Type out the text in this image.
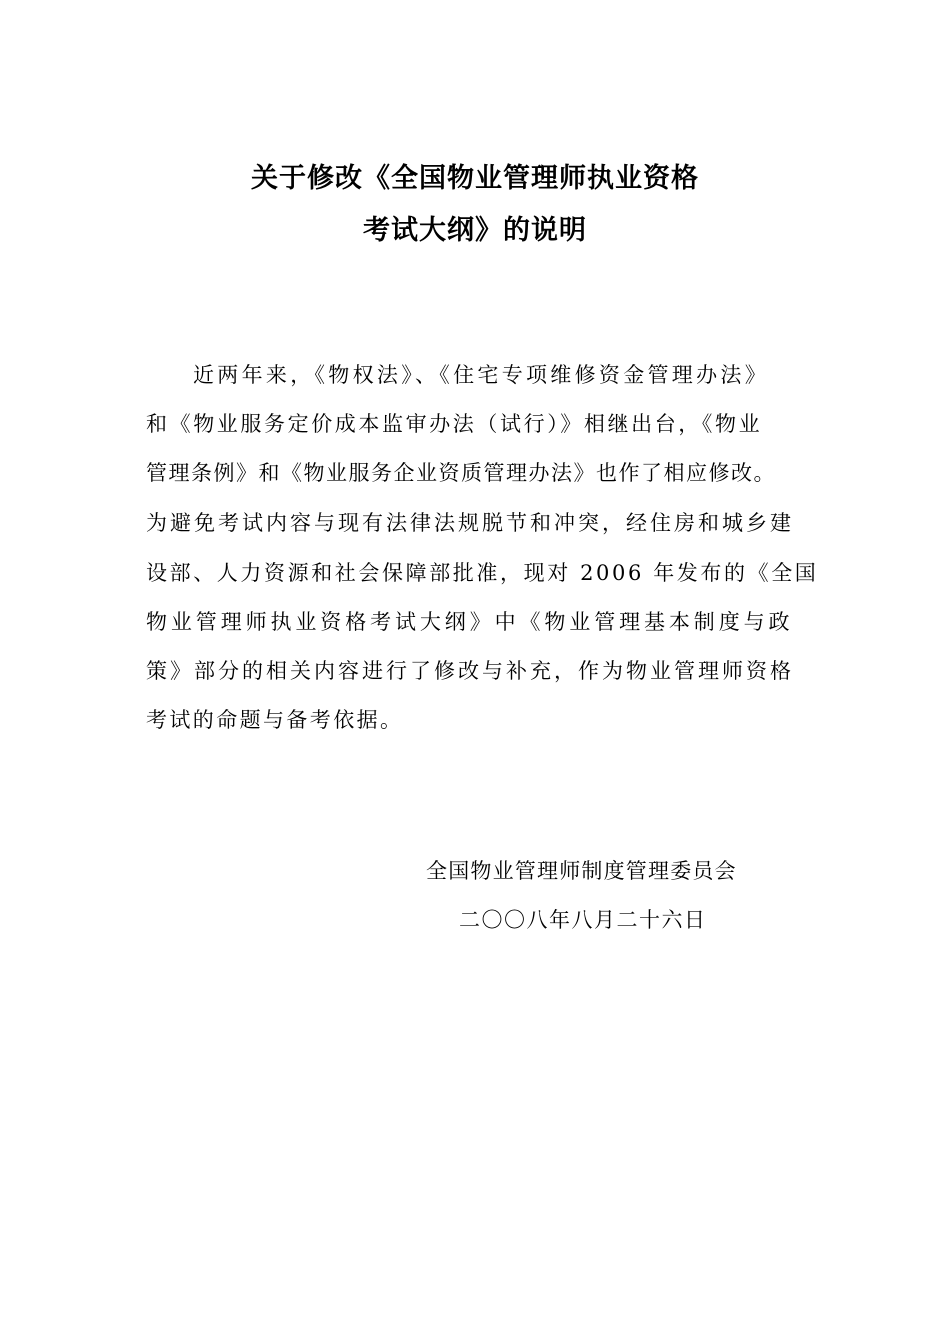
关于修改《全国物业管理师执业资格
考试大纲》的说明
近两年来，《物权法》、《住宅专项维修资金管理办法》
和《物业服务定价成本监审办法（试行）》相继出台，《物业
管理条例》和《物业服务企业资质管理办法》也作了相应修改。
为避免考试内容与现有法律法规脱节和冲突，经住房和城乡建
设部、人力资源和社会保障部批准，现对 2006 年发布的《全国
物业管理师执业资格考试大纲》中《物业管理基本制度与政
策》部分的相关内容进行了修改与补充，作为物业管理师资格
考试的命题与备考依据。
全国物业管理师制度管理委员会
二〇〇八年八月二十六日
